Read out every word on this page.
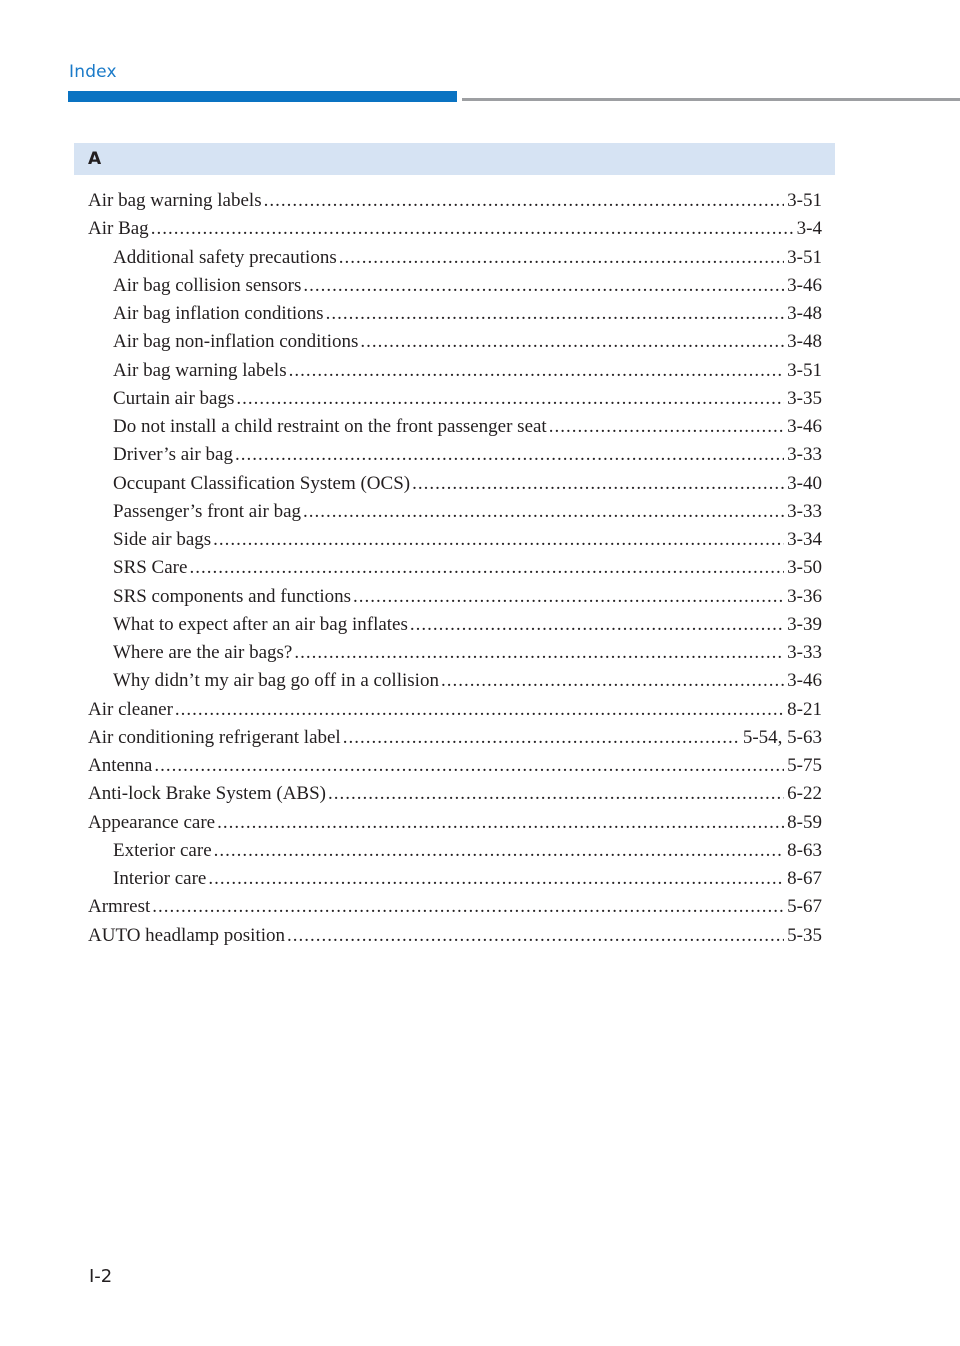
Index
A
Air bag warning labels .....	3-51
Air Bag .....	3-4
Additional safety precautions .....	3-51
Air bag collision sensors .....	3-46
Air bag inflation conditions .....	3-48
Air bag non-inflation conditions .....	3-48
Air bag warning labels .....	3-51
Curtain air bags .....	3-35
Do not install a child restraint on the front passenger seat .....	3-46
Driver’s air bag .....	3-33
Occupant Classification System (OCS) .....	3-40
Passenger’s front air bag .....	3-33
Side air bags .....	3-34
SRS Care .....	3-50
SRS components and functions .....	3-36
What to expect after an air bag inflates .....	3-39
Where are the air bags? .....	3-33
Why didn’t my air bag go off in a collision .....	3-46
Air cleaner .....	8-21
Air conditioning refrigerant label .....	5-54, 5-63
Antenna .....	5-75
Anti-lock Brake System (ABS) .....	6-22
Appearance care .....	8-59
Exterior care .....	8-63
Interior care .....	8-67
Armrest .....	5-67
AUTO headlamp position .....	5-35
I-2
